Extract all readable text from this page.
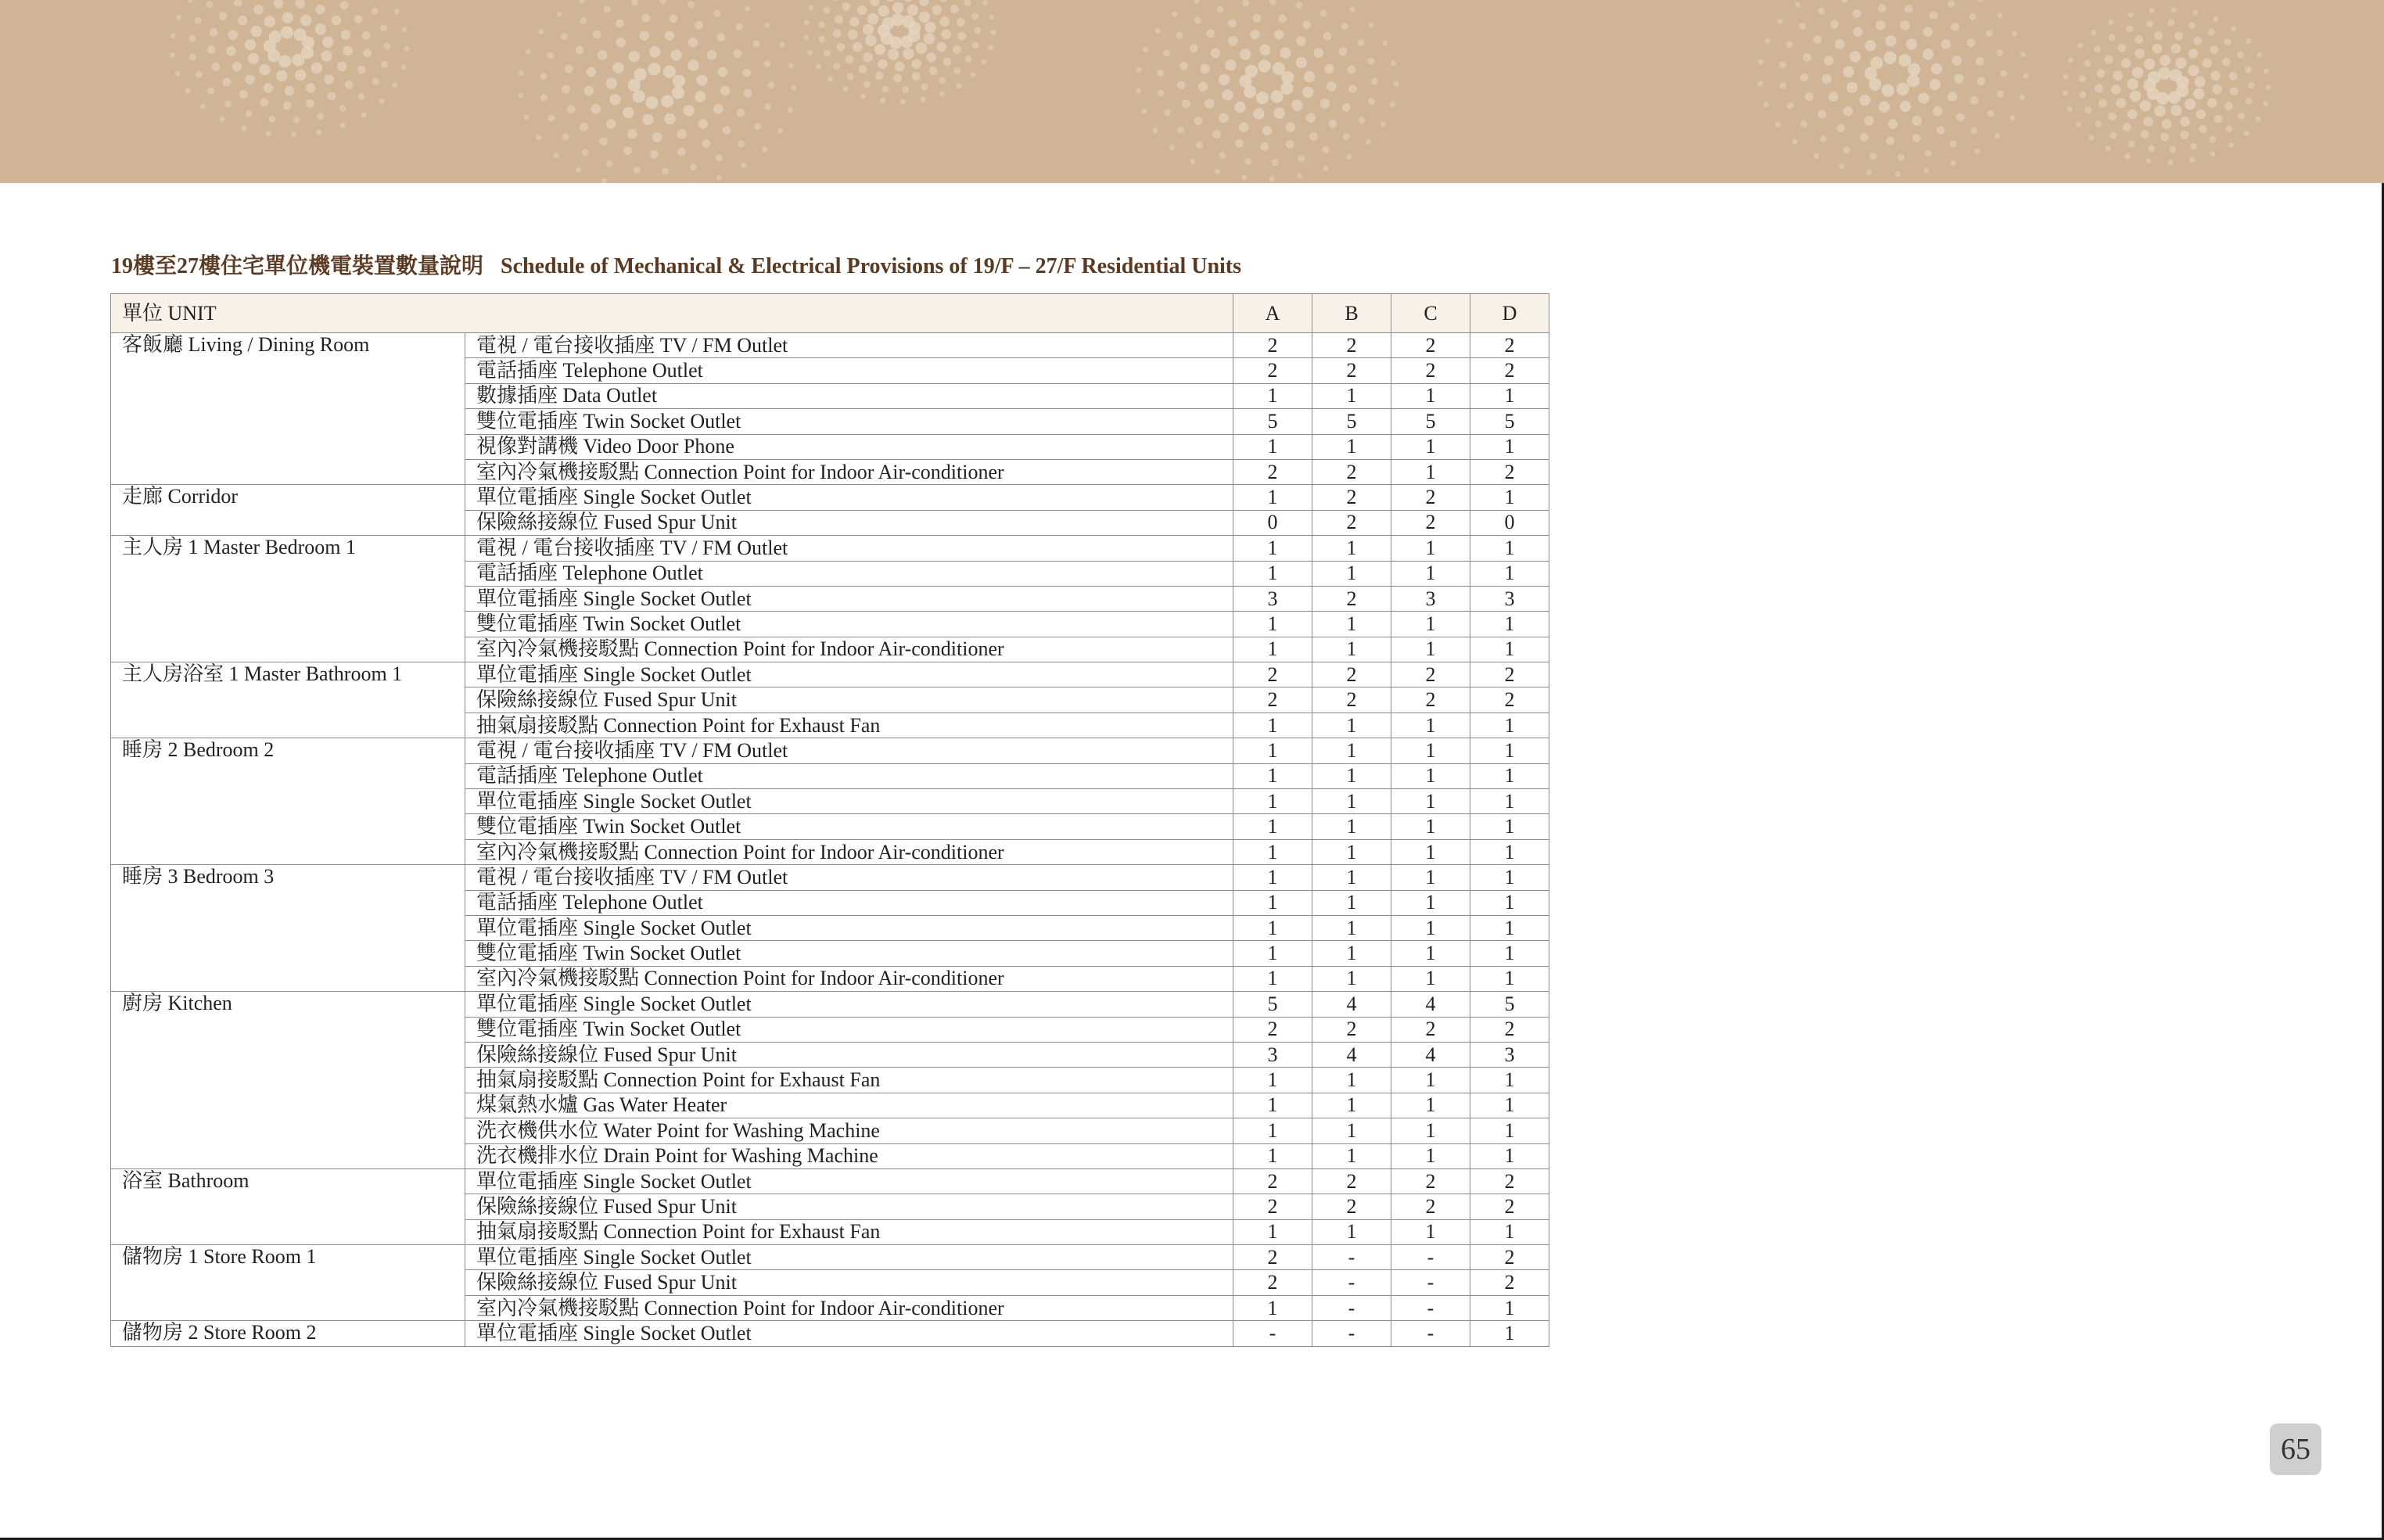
19樓至27樓住宅單位機電裝置數量說明 Schedule of Mechanical & Electrical Provisions of 19/F – 27/F Residential Units
單位 UNIT		A	B	C	D
客飯廳 Living / Dining Room	電視 / 電台接收插座 TV / FM Outlet	2	2	2	2
	電話插座 Telephone Outlet	2	2	2	2
	數據插座 Data Outlet	1	1	1	1
	雙位電插座 Twin Socket Outlet	5	5	5	5
	視像對講機 Video Door Phone	1	1	1	1
	室內冷氣機接駁點 Connection Point for Indoor Air-conditioner	2	2	1	2
走廊 Corridor	單位電插座 Single Socket Outlet	1	2	2	1
	保險絲接線位 Fused Spur Unit	0	2	2	0
主人房 1 Master Bedroom 1	電視 / 電台接收插座 TV / FM Outlet	1	1	1	1
	電話插座 Telephone Outlet	1	1	1	1
	單位電插座 Single Socket Outlet	3	2	3	3
	雙位電插座 Twin Socket Outlet	1	1	1	1
	室內冷氣機接駁點 Connection Point for Indoor Air-conditioner	1	1	1	1
主人房浴室 1 Master Bathroom 1	單位電插座 Single Socket Outlet	2	2	2	2
	保險絲接線位 Fused Spur Unit	2	2	2	2
	抽氣扇接駁點 Connection Point for Exhaust Fan	1	1	1	1
睡房 2 Bedroom 2	電視 / 電台接收插座 TV / FM Outlet	1	1	1	1
	電話插座 Telephone Outlet	1	1	1	1
	單位電插座 Single Socket Outlet	1	1	1	1
	雙位電插座 Twin Socket Outlet	1	1	1	1
	室內冷氣機接駁點 Connection Point for Indoor Air-conditioner	1	1	1	1
睡房 3 Bedroom 3	電視 / 電台接收插座 TV / FM Outlet	1	1	1	1
	電話插座 Telephone Outlet	1	1	1	1
	單位電插座 Single Socket Outlet	1	1	1	1
	雙位電插座 Twin Socket Outlet	1	1	1	1
	室內冷氣機接駁點 Connection Point for Indoor Air-conditioner	1	1	1	1
廚房 Kitchen	單位電插座 Single Socket Outlet	5	4	4	5
	雙位電插座 Twin Socket Outlet	2	2	2	2
	保險絲接線位 Fused Spur Unit	3	4	4	3
	抽氣扇接駁點 Connection Point for Exhaust Fan	1	1	1	1
	煤氣熱水爐 Gas Water Heater	1	1	1	1
	洗衣機供水位 Water Point for Washing Machine	1	1	1	1
	洗衣機排水位 Drain Point for Washing Machine	1	1	1	1
浴室 Bathroom	單位電插座 Single Socket Outlet	2	2	2	2
	保險絲接線位 Fused Spur Unit	2	2	2	2
	抽氣扇接駁點 Connection Point for Exhaust Fan	1	1	1	1
儲物房 1 Store Room 1	單位電插座 Single Socket Outlet	2	-	-	2
	保險絲接線位 Fused Spur Unit	2	-	-	2
	室內冷氣機接駁點 Connection Point for Indoor Air-conditioner	1	-	-	1
儲物房 2 Store Room 2	單位電插座 Single Socket Outlet	-	-	-	1
65
